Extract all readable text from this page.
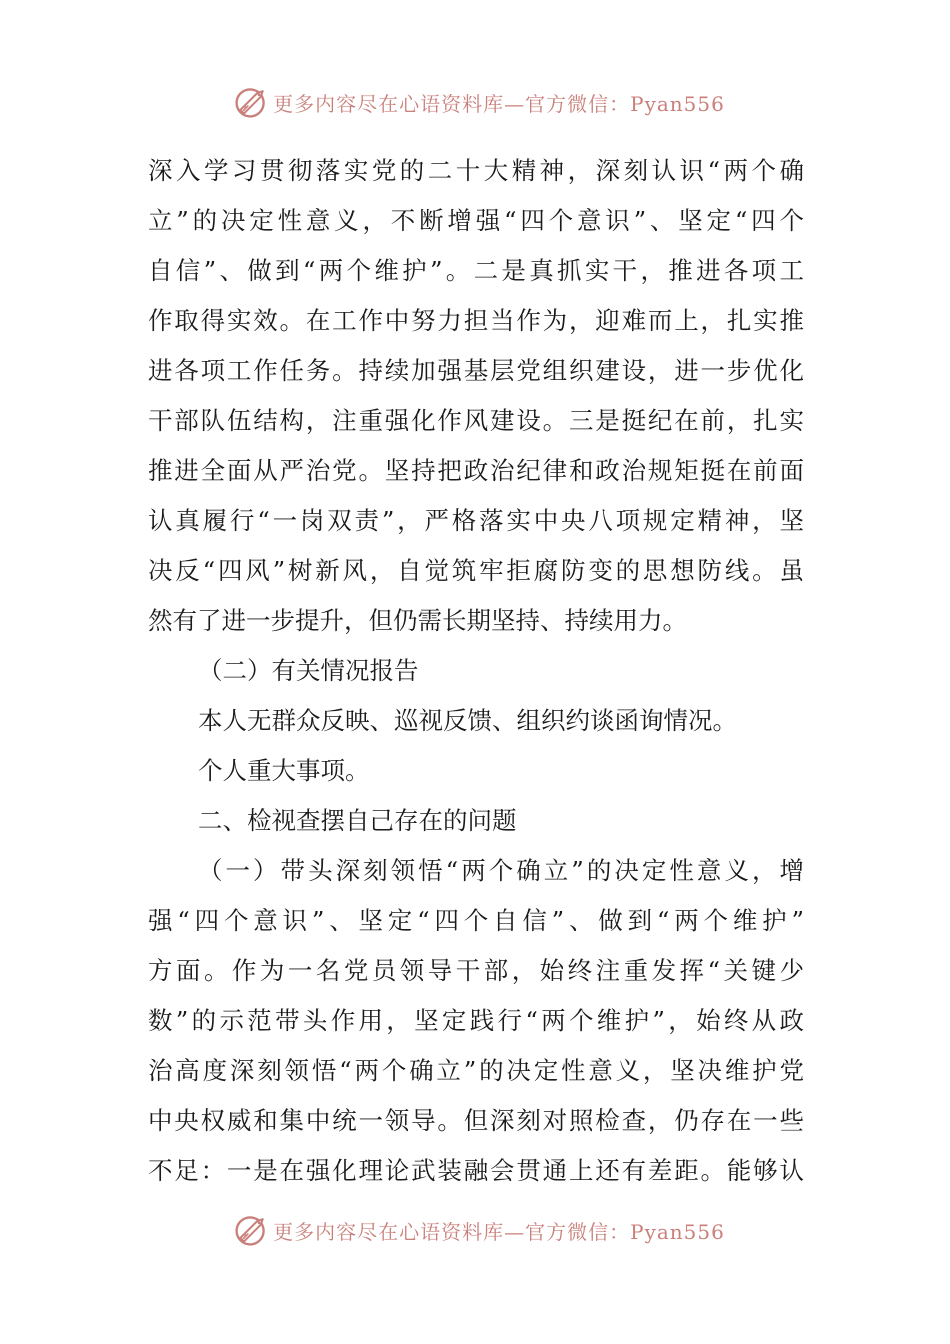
更多内容尽在心语资料库—官方微信：Pyan556
深入学习贯彻落实党的二十大精神，深刻认识“两个确
立”的决定性意义，不断增强“四个意识”、坚定“四个
自信”、做到“两个维护”。二是真抓实干，推进各项工
作取得实效。在工作中努力担当作为，迎难而上，扎实推
进各项工作任务。持续加强基层党组织建设，进一步优化
干部队伍结构，注重强化作风建设。三是挺纪在前，扎实
推进全面从严治党。坚持把政治纪律和政治规矩挺在前面
认真履行“一岗双责”，严格落实中央八项规定精神，坚
决反“四风”树新风，自觉筑牢拒腐防变的思想防线。虽
然有了进一步提升，但仍需长期坚持、持续用力。
（二）有关情况报告
本人无群众反映、巡视反馈、组织约谈函询情况。
个人重大事项。
二、检视查摆自己存在的问题
（一）带头深刻领悟“两个确立”的决定性意义，增
强“四个意识”、坚定“四个自信”、做到“两个维护”
方面。作为一名党员领导干部，始终注重发挥“关键少
数”的示范带头作用，坚定践行“两个维护”，始终从政
治高度深刻领悟“两个确立”的决定性意义，坚决维护党
中央权威和集中统一领导。但深刻对照检查，仍存在一些
不足：一是在强化理论武装融会贯通上还有差距。能够认
更多内容尽在心语资料库—官方微信：Pyan556
